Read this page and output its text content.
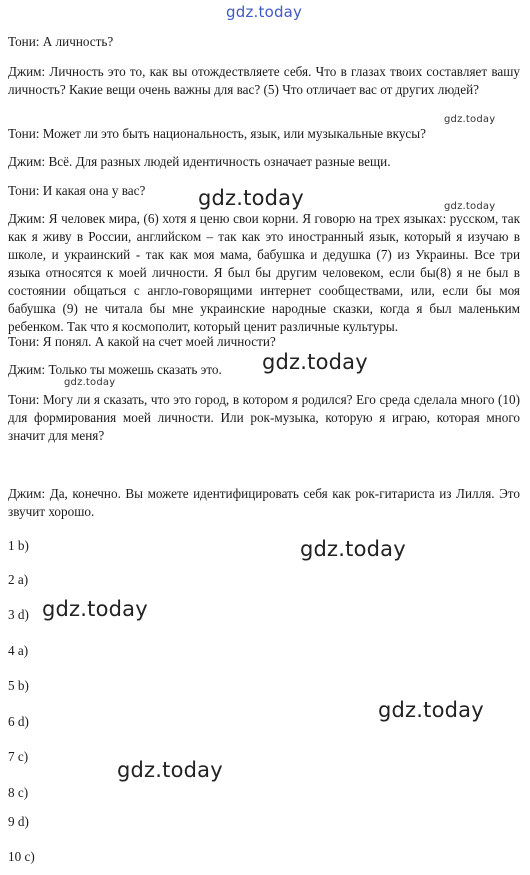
gdz.today

Тони: А личность?

Джим: Личность это то, как вы отождествляете себя. Что в глазах твоих составляет вашу личность? Какие вещи очень важны для вас? (5) Что отличает вас от других людей?

Тони: Может ли это быть национальность, язык, или музыкальные вкусы?

Джим: Всё. Для разных людей идентичность означает разные вещи.

Тони: И какая она у вас?

Джим: Я человек мира, (6) хотя я ценю свои корни. Я говорю на трех языках: русском, так как я живу в России, английском – так как это иностранный язык, который я изучаю в школе, и украинский - так как моя мама, бабушка и дедушка (7) из Украины. Все три языка относятся к моей личности. Я был бы другим человеком, если бы(8) я не был в состоянии общаться с англо-говорящими интернет сообществами, или, если бы моя бабушка (9) не читала бы мне украинские народные сказки, когда я был маленьким ребенком. Так что я космополит, который ценит различные культуры.

Тони: Я понял. А какой на счет моей личности?

Джим: Только ты можешь сказать это.

Тони: Могу ли я сказать, что это город, в котором я родился? Его среда сделала много (10) для формирования моей личности. Или рок-музыка, которую я играю, которая много значит для меня?

Джим: Да, конечно. Вы можете идентифицировать себя как рок-гитариста из Лилля. Это звучит хорошо.

1 b)

2 a)

3 d)

4 a)

5 b)

6 d)

7 c)

8 c)

9 d)

10 c)

gdz.today
gdz.today	gdz.today
gdz.today
gdz.today
gdz.today
gdz.today
gdz.today
gdz.today
